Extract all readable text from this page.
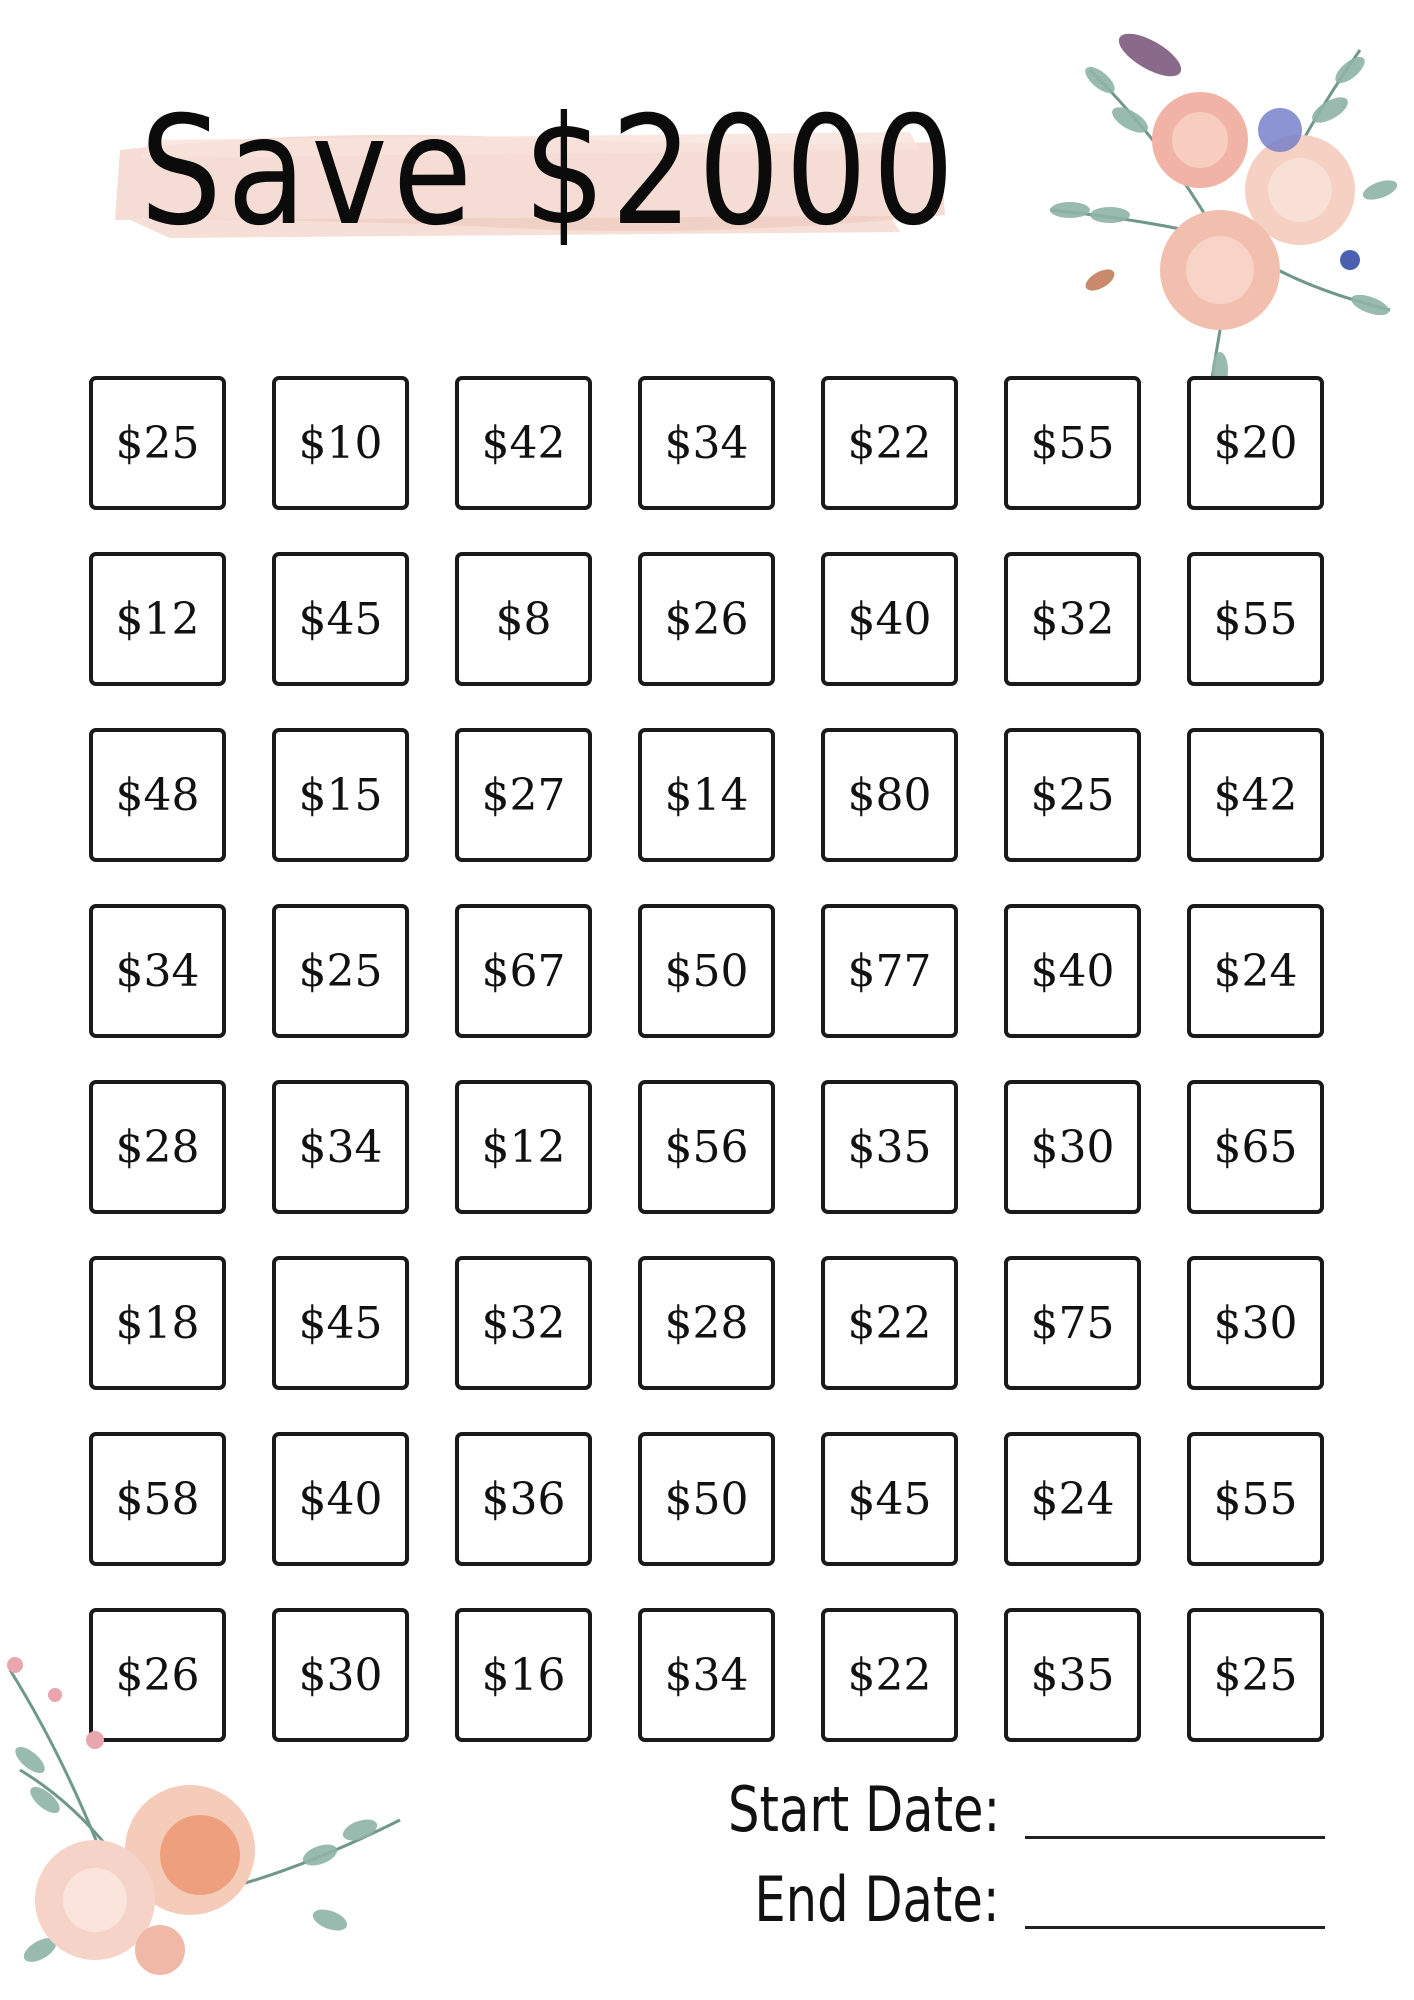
Save $2000
$25	$10	$42	$34	$22	$55	$20
$12	$45	$8	$26	$40	$32	$55
$48	$15	$27	$14	$80	$25	$42
$34	$25	$67	$50	$77	$40	$24
$28	$34	$12	$56	$35	$30	$65
$18	$45	$32	$28	$22	$75	$30
$58	$40	$36	$50	$45	$24	$55
$26	$30	$16	$34	$22	$35	$25
Start Date:
End Date:
